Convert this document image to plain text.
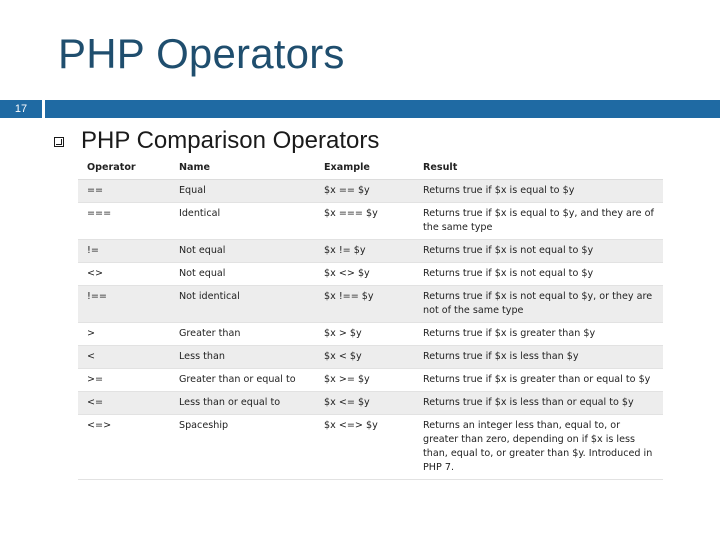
PHP Operators
17
PHP Comparison Operators
Operator	Name	Example	Result
==	Equal	$x == $y	Returns true if $x is equal to $y
===	Identical	$x === $y	Returns true if $x is equal to $y, and they are of the same type
!=	Not equal	$x != $y	Returns true if $x is not equal to $y
<>	Not equal	$x <> $y	Returns true if $x is not equal to $y
!==	Not identical	$x !== $y	Returns true if $x is not equal to $y, or they are not of the same type
>	Greater than	$x > $y	Returns true if $x is greater than $y
<	Less than	$x < $y	Returns true if $x is less than $y
>=	Greater than or equal to	$x >= $y	Returns true if $x is greater than or equal to $y
<=	Less than or equal to	$x <= $y	Returns true if $x is less than or equal to $y
<=>	Spaceship	$x <=> $y	Returns an integer less than, equal to, or greater than zero, depending on if $x is less than, equal to, or greater than $y. Introduced in PHP 7.
